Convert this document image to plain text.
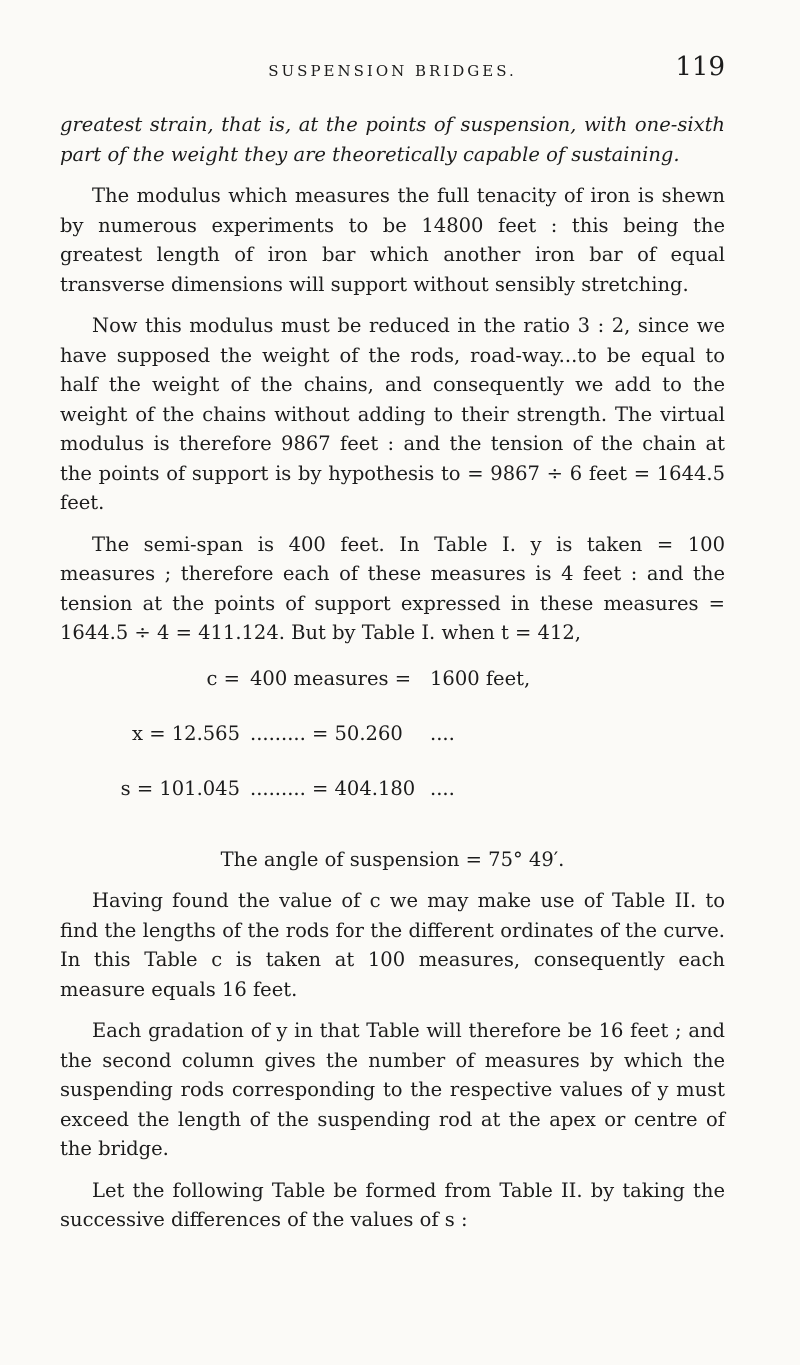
SUSPENSION BRIDGES.	119

greatest strain, that is, at the points of suspension, with one-sixth part of the weight they are theoretically capable of sustaining.

The modulus which measures the full tenacity of iron is shewn by numerous experiments to be 14800 feet : this being the greatest length of iron bar which another iron bar of equal transverse dimensions will support without sensibly stretching.

Now this modulus must be reduced in the ratio 3 : 2, since we have supposed the weight of the rods, road-way...to be equal to half the weight of the chains, and consequently we add to the weight of the chains without adding to their strength. The virtual modulus is therefore 9867 feet : and the tension of the chain at the points of support is by hypothesis to = 9867 ÷ 6 feet = 1644.5 feet.

The semi-span is 400 feet. In Table I. y is taken = 100 measures ; therefore each of these measures is 4 feet : and the tension at the points of support expressed in these measures = 1644.5 ÷ 4 = 411.124. But by Table I. when t = 412,

c = 400 measures = 1600 feet,
x = 12.565 ......... = 50.260	....
s = 101.045 ......... = 404.180 ....

The angle of suspension = 75° 49′.

Having found the value of c we may make use of Table II. to find the lengths of the rods for the different ordinates of the curve. In this Table c is taken at 100 measures, consequently each measure equals 16 feet.

Each gradation of y in that Table will therefore be 16 feet ; and the second column gives the number of measures by which the suspending rods corresponding to the respective values of y must exceed the length of the suspending rod at the apex or centre of the bridge.

Let the following Table be formed from Table II. by taking the successive differences of the values of s :
